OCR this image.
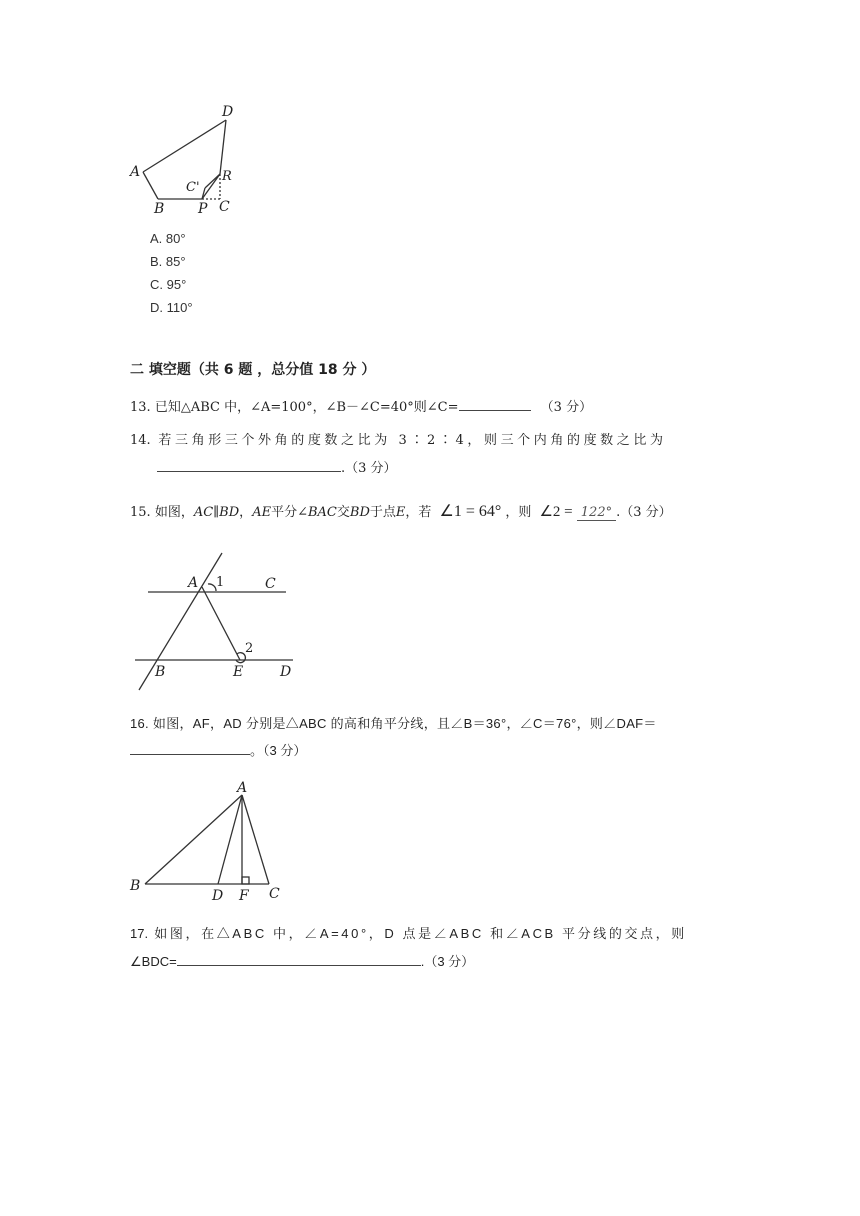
D
A
C'
R
B P C
A. 80°
B. 85°
C. 95°
D. 110°
二 填空题（共 6 题 ，总分值 18 分 ）
13. 已知△ABC 中，∠A=100°，∠B－∠C=40°则∠C=	（3 分）
14. 若三角形三个外角的度数之比为 3∶2∶4，则三个内角的度数之比为
.（3 分）
15. 如图，AC∥BD，AE平分∠BAC交BD于点E，若 ∠1 = 64° ，则 ∠2 = 122° .（3 分）
A 1	C
2
B	E	D
16. 如图，AF，AD 分别是△ABC 的高和角平分线，且∠B＝36°，∠C＝76°，则∠DAF＝
。（3 分）
A
B
D F C
17. 如图，在△ABC 中，∠A=40°，D 点是∠ABC 和∠ACB 平分线的交点，则
∠BDC=	.（3 分）
